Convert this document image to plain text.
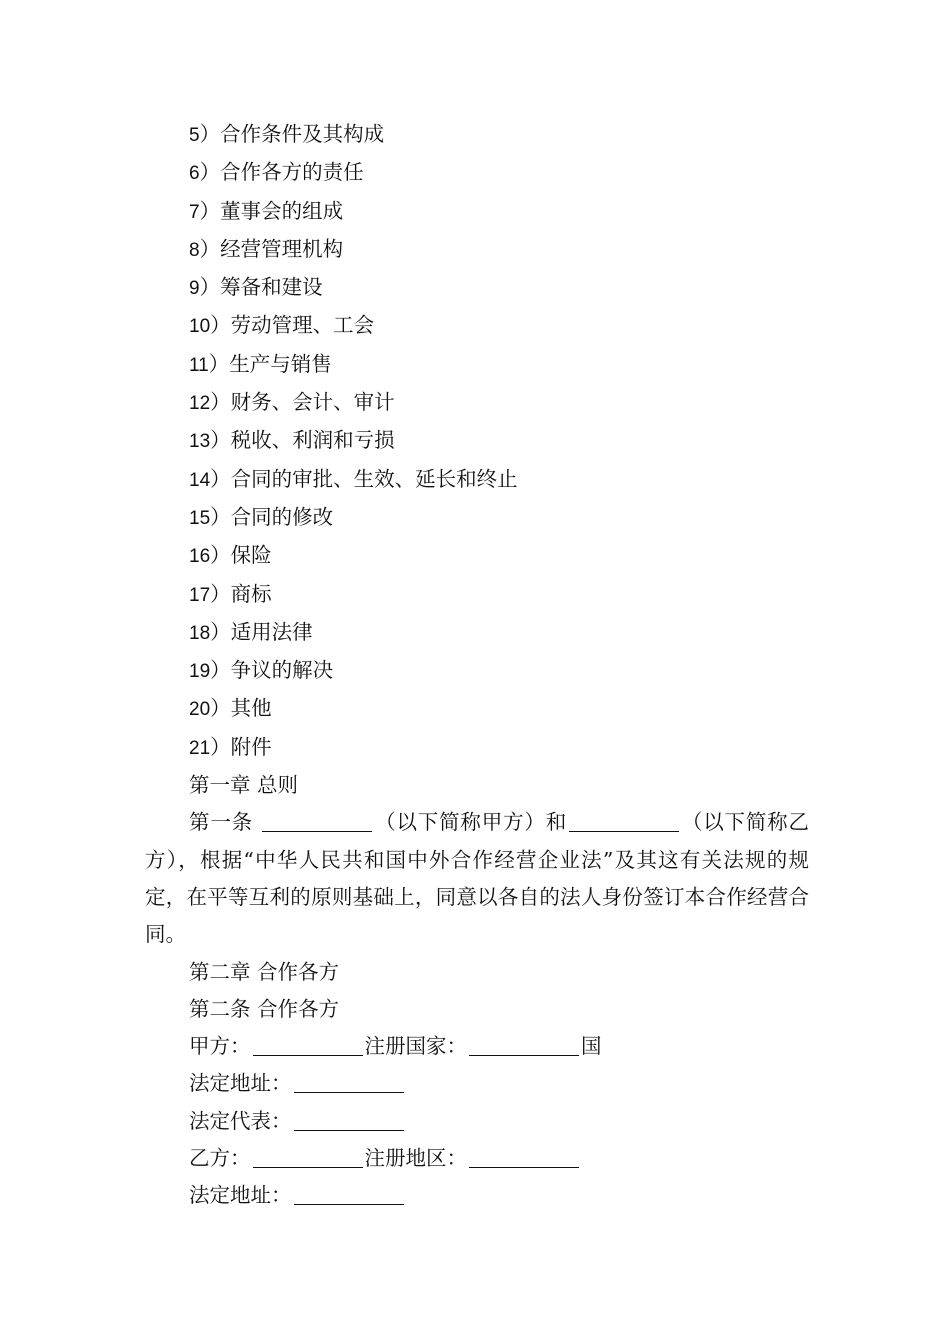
5）合作条件及其构成

6）合作各方的责任

7）董事会的组成

8）经营管理机构

9）筹备和建设

10）劳动管理、工会

11）生产与销售

12）财务、会计、审计

13）税收、利润和亏损

14）合同的审批、生效、延长和终止

15）合同的修改

16）保险

17）商标

18）适用法律

19）争议的解决

20）其他

21）附件

第一章 总则

第一条	（以下简称甲方）和	（以下简称乙方），根据“中华人民共和国中外合作经营企业法”及其这有关法规的规定，在平等互利的原则基础上，同意以各自的法人身份签订本合作经营合同。

第二章 合作各方

第二条 合作各方

甲方：	注册国家：	国

法定地址：

法定代表：

乙方：	注册地区：

法定地址：
